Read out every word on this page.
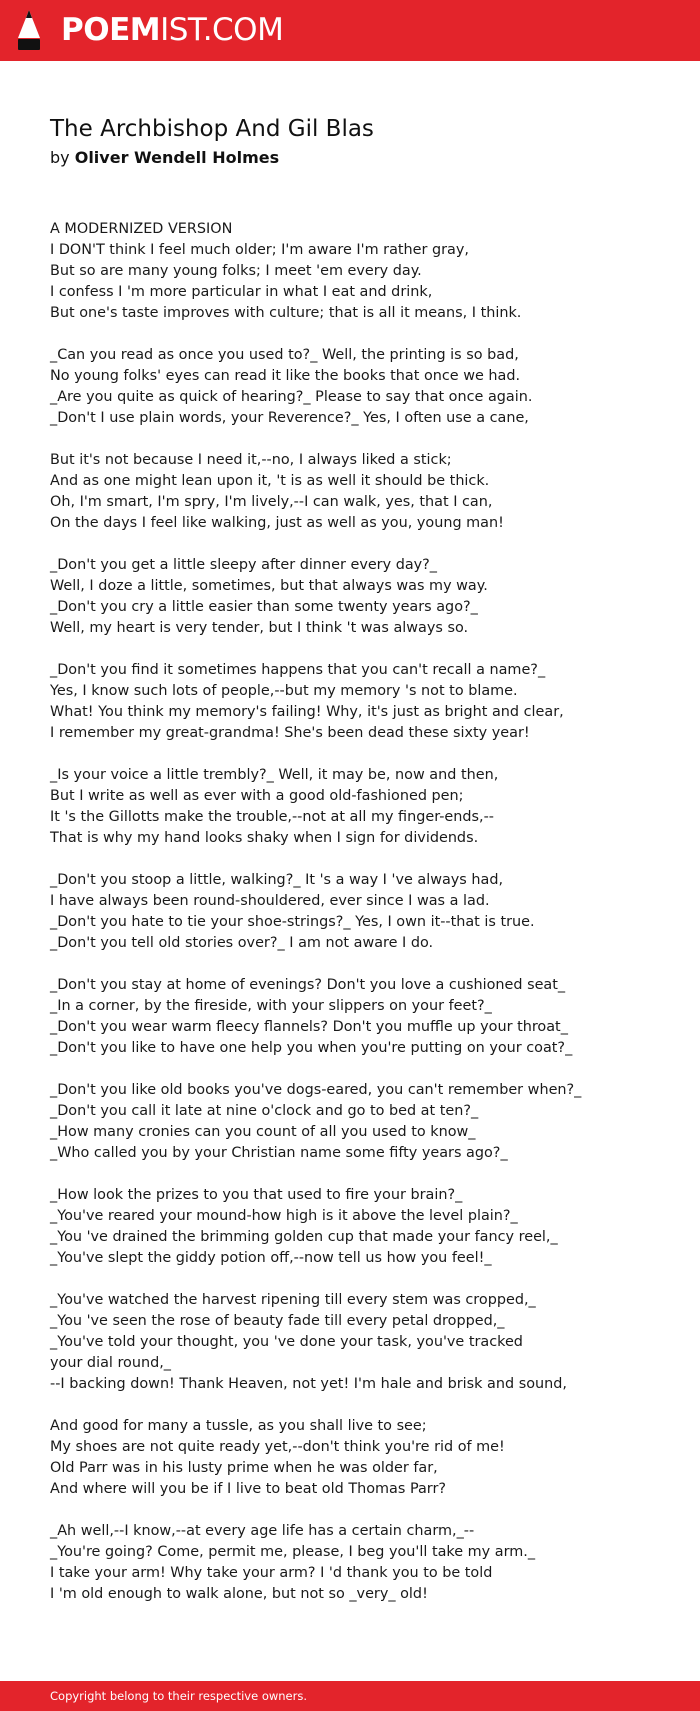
POEMIST.COM
The Archbishop And Gil Blas
by Oliver Wendell Holmes
A MODERNIZED VERSION
I DON'T think I feel much older; I'm aware I'm rather gray,
But so are many young folks; I meet 'em every day.
I confess I 'm more particular in what I eat and drink,
But one's taste improves with culture; that is all it means, I think.
_Can you read as once you used to?_ Well, the printing is so bad,
No young folks' eyes can read it like the books that once we had.
_Are you quite as quick of hearing?_ Please to say that once again.
_Don't I use plain words, your Reverence?_ Yes, I often use a cane,
But it's not because I need it,--no, I always liked a stick;
And as one might lean upon it, 't is as well it should be thick.
Oh, I'm smart, I'm spry, I'm lively,--I can walk, yes, that I can,
On the days I feel like walking, just as well as you, young man!
_Don't you get a little sleepy after dinner every day?_
Well, I doze a little, sometimes, but that always was my way.
_Don't you cry a little easier than some twenty years ago?_
Well, my heart is very tender, but I think 't was always so.
_Don't you find it sometimes happens that you can't recall a name?_
Yes, I know such lots of people,--but my memory 's not to blame.
What! You think my memory's failing! Why, it's just as bright and clear,
I remember my great-grandma! She's been dead these sixty year!
_Is your voice a little trembly?_ Well, it may be, now and then,
But I write as well as ever with a good old-fashioned pen;
It 's the Gillotts make the trouble,--not at all my finger-ends,--
That is why my hand looks shaky when I sign for dividends.
_Don't you stoop a little, walking?_ It 's a way I 've always had,
I have always been round-shouldered, ever since I was a lad.
_Don't you hate to tie your shoe-strings?_ Yes, I own it--that is true.
_Don't you tell old stories over?_ I am not aware I do.
_Don't you stay at home of evenings? Don't you love a cushioned seat_
_In a corner, by the fireside, with your slippers on your feet?_
_Don't you wear warm fleecy flannels? Don't you muffle up your throat_
_Don't you like to have one help you when you're putting on your coat?_
_Don't you like old books you've dogs-eared, you can't remember when?_
_Don't you call it late at nine o'clock and go to bed at ten?_
_How many cronies can you count of all you used to know_
_Who called you by your Christian name some fifty years ago?_
_How look the prizes to you that used to fire your brain?_
_You've reared your mound-how high is it above the level plain?_
_You 've drained the brimming golden cup that made your fancy reel,_
_You've slept the giddy potion off,--now tell us how you feel!_
_You've watched the harvest ripening till every stem was cropped,_
_You 've seen the rose of beauty fade till every petal dropped,_
_You've told your thought, you 've done your task, you've tracked your dial round,_
--I backing down! Thank Heaven, not yet! I'm hale and brisk and sound,
And good for many a tussle, as you shall live to see;
My shoes are not quite ready yet,--don't think you're rid of me!
Old Parr was in his lusty prime when he was older far,
And where will you be if I live to beat old Thomas Parr?
_Ah well,--I know,--at every age life has a certain charm,_--
_You're going? Come, permit me, please, I beg you'll take my arm._
I take your arm! Why take your arm? I 'd thank you to be told
I 'm old enough to walk alone, but not so _very_ old!
Copyright belong to their respective owners.
